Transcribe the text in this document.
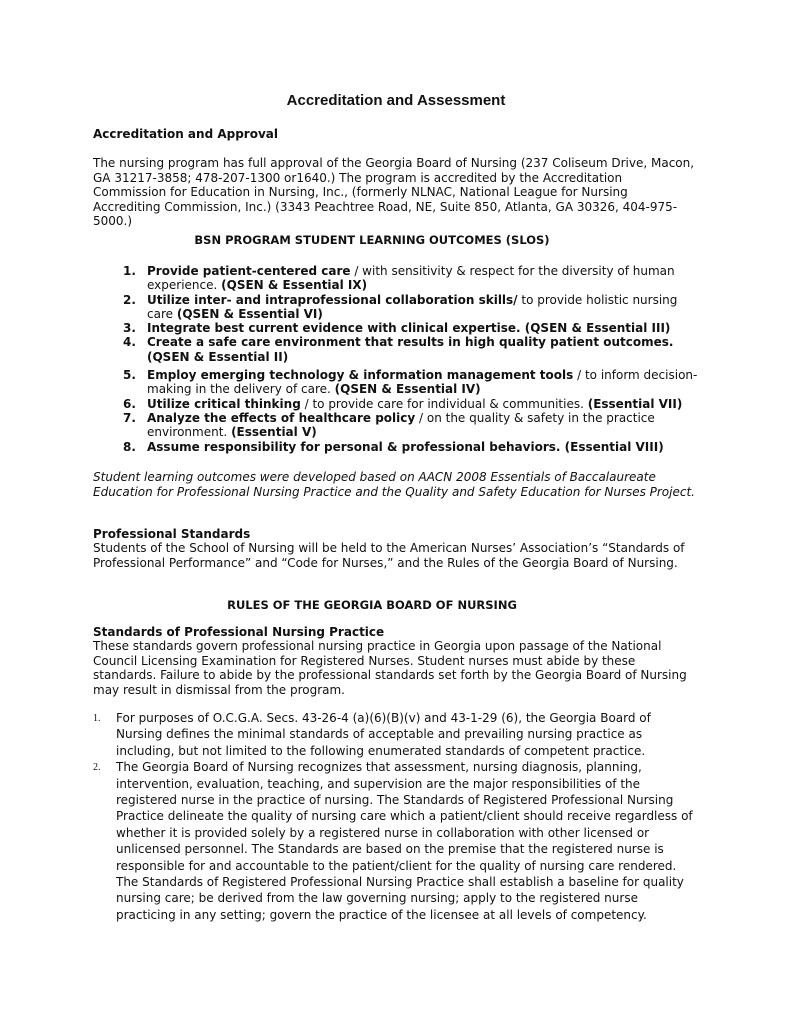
Accreditation and Assessment
Accreditation and Approval
The nursing program has full approval of the Georgia Board of Nursing (237 Coliseum Drive, Macon, GA 31217-3858; 478-207-1300 or1640.) The program is accredited by the Accreditation Commission for Education in Nursing, Inc., (formerly NLNAC, National League for Nursing Accrediting Commission, Inc.) (3343 Peachtree Road, NE, Suite 850, Atlanta, GA 30326, 404-975-5000.)
BSN PROGRAM STUDENT LEARNING OUTCOMES (SLOS)
1. Provide patient-centered care / with sensitivity & respect for the diversity of human experience. (QSEN & Essential IX)
2. Utilize inter- and intraprofessional collaboration skills/ to provide holistic nursing care (QSEN & Essential VI)
3. Integrate best current evidence with clinical expertise. (QSEN & Essential III)
4. Create a safe care environment that results in high quality patient outcomes. (QSEN & Essential II)
5. Employ emerging technology & information management tools / to inform decision-making in the delivery of care. (QSEN & Essential IV)
6. Utilize critical thinking / to provide care for individual & communities. (Essential VII)
7. Analyze the effects of healthcare policy / on the quality & safety in the practice environment. (Essential V)
8. Assume responsibility for personal & professional behaviors. (Essential VIII)
Student learning outcomes were developed based on AACN 2008 Essentials of Baccalaureate Education for Professional Nursing Practice and the Quality and Safety Education for Nurses Project.
Professional Standards
Students of the School of Nursing will be held to the American Nurses’ Association’s “Standards of Professional Performance” and “Code for Nurses,” and the Rules of the Georgia Board of Nursing.
RULES OF THE GEORGIA BOARD OF NURSING
Standards of Professional Nursing Practice
These standards govern professional nursing practice in Georgia upon passage of the National Council Licensing Examination for Registered Nurses. Student nurses must abide by these standards. Failure to abide by the professional standards set forth by the Georgia Board of Nursing may result in dismissal from the program.
1. For purposes of O.C.G.A. Secs. 43-26-4 (a)(6)(B)(v) and 43-1-29 (6), the Georgia Board of Nursing defines the minimal standards of acceptable and prevailing nursing practice as including, but not limited to the following enumerated standards of competent practice.
2. The Georgia Board of Nursing recognizes that assessment, nursing diagnosis, planning, intervention, evaluation, teaching, and supervision are the major responsibilities of the registered nurse in the practice of nursing. The Standards of Registered Professional Nursing Practice delineate the quality of nursing care which a patient/client should receive regardless of whether it is provided solely by a registered nurse in collaboration with other licensed or unlicensed personnel. The Standards are based on the premise that the registered nurse is responsible for and accountable to the patient/client for the quality of nursing care rendered. The Standards of Registered Professional Nursing Practice shall establish a baseline for quality nursing care; be derived from the law governing nursing; apply to the registered nurse practicing in any setting; govern the practice of the licensee at all levels of competency.
